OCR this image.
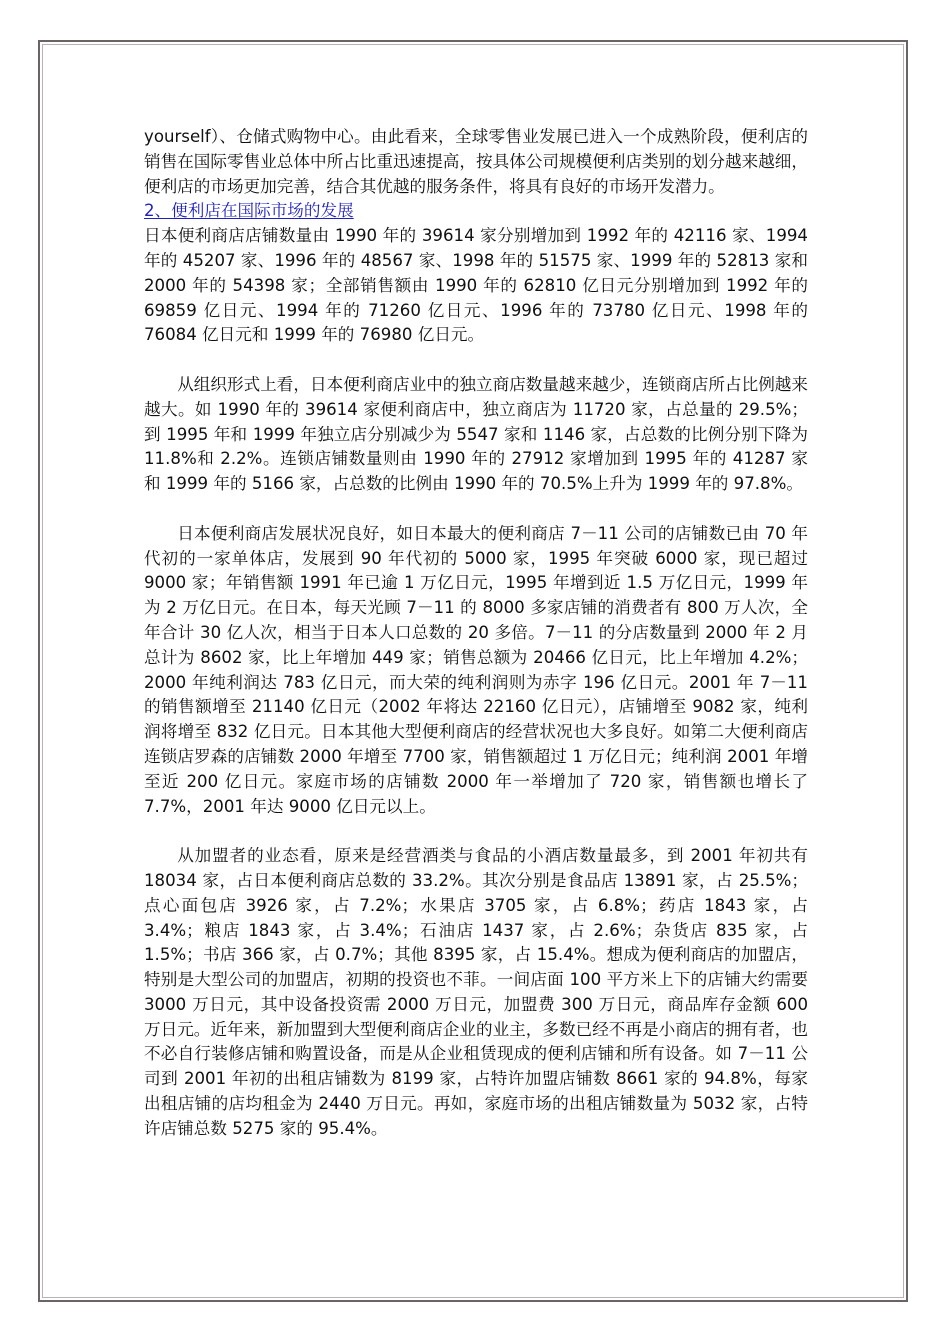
yourself）、仓储式购物中心。由此看来，全球零售业发展已进入一个成熟阶段，便利店的销售在国际零售业总体中所占比重迅速提高，按具体公司规模便利店类别的划分越来越细，便利店的市场更加完善，结合其优越的服务条件，将具有良好的市场开发潜力。

2、便利店在国际市场的发展

日本便利商店店铺数量由 1990 年的 39614 家分别增加到 1992 年的 42116 家、1994 年的 45207 家、1996 年的 48567 家、1998 年的 51575 家、1999 年的 52813 家和 2000 年的 54398 家；全部销售额由 1990 年的 62810 亿日元分别增加到 1992 年的 69859 亿日元、1994 年的 71260 亿日元、1996 年的 73780 亿日元、1998 年的 76084 亿日元和 1999 年的 76980 亿日元。

从组织形式上看，日本便利商店业中的独立商店数量越来越少，连锁商店所占比例越来越大。如 1990 年的 39614 家便利商店中，独立商店为 11720 家，占总量的 29.5%；到 1995 年和 1999 年独立店分别减少为 5547 家和 1146 家，占总数的比例分别下降为 11.8%和 2.2%。连锁店铺数量则由 1990 年的 27912 家增加到 1995 年的 41287 家和 1999 年的 5166 家，占总数的比例由 1990 年的 70.5%上升为 1999 年的 97.8%。

日本便利商店发展状况良好，如日本最大的便利商店 7－11 公司的店铺数已由 70 年代初的一家单体店，发展到 90 年代初的 5000 家，1995 年突破 6000 家，现已超过 9000 家；年销售额 1991 年已逾 1 万亿日元，1995 年增到近 1.5 万亿日元，1999 年为 2 万亿日元。在日本，每天光顾 7－11 的 8000 多家店铺的消费者有 800 万人次，全年合计 30 亿人次，相当于日本人口总数的 20 多倍。7－11 的分店数量到 2000 年 2 月总计为 8602 家，比上年增加 449 家；销售总额为 20466 亿日元，比上年增加 4.2%；2000 年纯利润达 783 亿日元，而大荣的纯利润则为赤字 196 亿日元。2001 年 7－11 的销售额增至 21140 亿日元（2002 年将达 22160 亿日元），店铺增至 9082 家，纯利润将增至 832 亿日元。日本其他大型便利商店的经营状况也大多良好。如第二大便利商店连锁店罗森的店铺数 2000 年增至 7700 家，销售额超过 1 万亿日元；纯利润 2001 年增至近 200 亿日元。家庭市场的店铺数 2000 年一举增加了 720 家，销售额也增长了 7.7%，2001 年达 9000 亿日元以上。

从加盟者的业态看，原来是经营酒类与食品的小酒店数量最多，到 2001 年初共有 18034 家，占日本便利商店总数的 33.2%。其次分别是食品店 13891 家，占 25.5%；点心面包店 3926 家，占 7.2%；水果店 3705 家，占 6.8%；药店 1843 家，占 3.4%；粮店 1843 家，占 3.4%；石油店 1437 家，占 2.6%；杂货店 835 家，占 1.5%；书店 366 家，占 0.7%；其他 8395 家，占 15.4%。想成为便利商店的加盟店，特别是大型公司的加盟店，初期的投资也不菲。一间店面 100 平方米上下的店铺大约需要 3000 万日元，其中设备投资需 2000 万日元，加盟费 300 万日元，商品库存金额 600 万日元。近年来，新加盟到大型便利商店企业的业主，多数已经不再是小商店的拥有者，也不必自行装修店铺和购置设备，而是从企业租赁现成的便利店铺和所有设备。如 7－11 公司到 2001 年初的出租店铺数为 8199 家，占特许加盟店铺数 8661 家的 94.8%，每家出租店铺的店均租金为 2440 万日元。再如，家庭市场的出租店铺数量为 5032 家，占特许店铺总数 5275 家的 95.4%。
